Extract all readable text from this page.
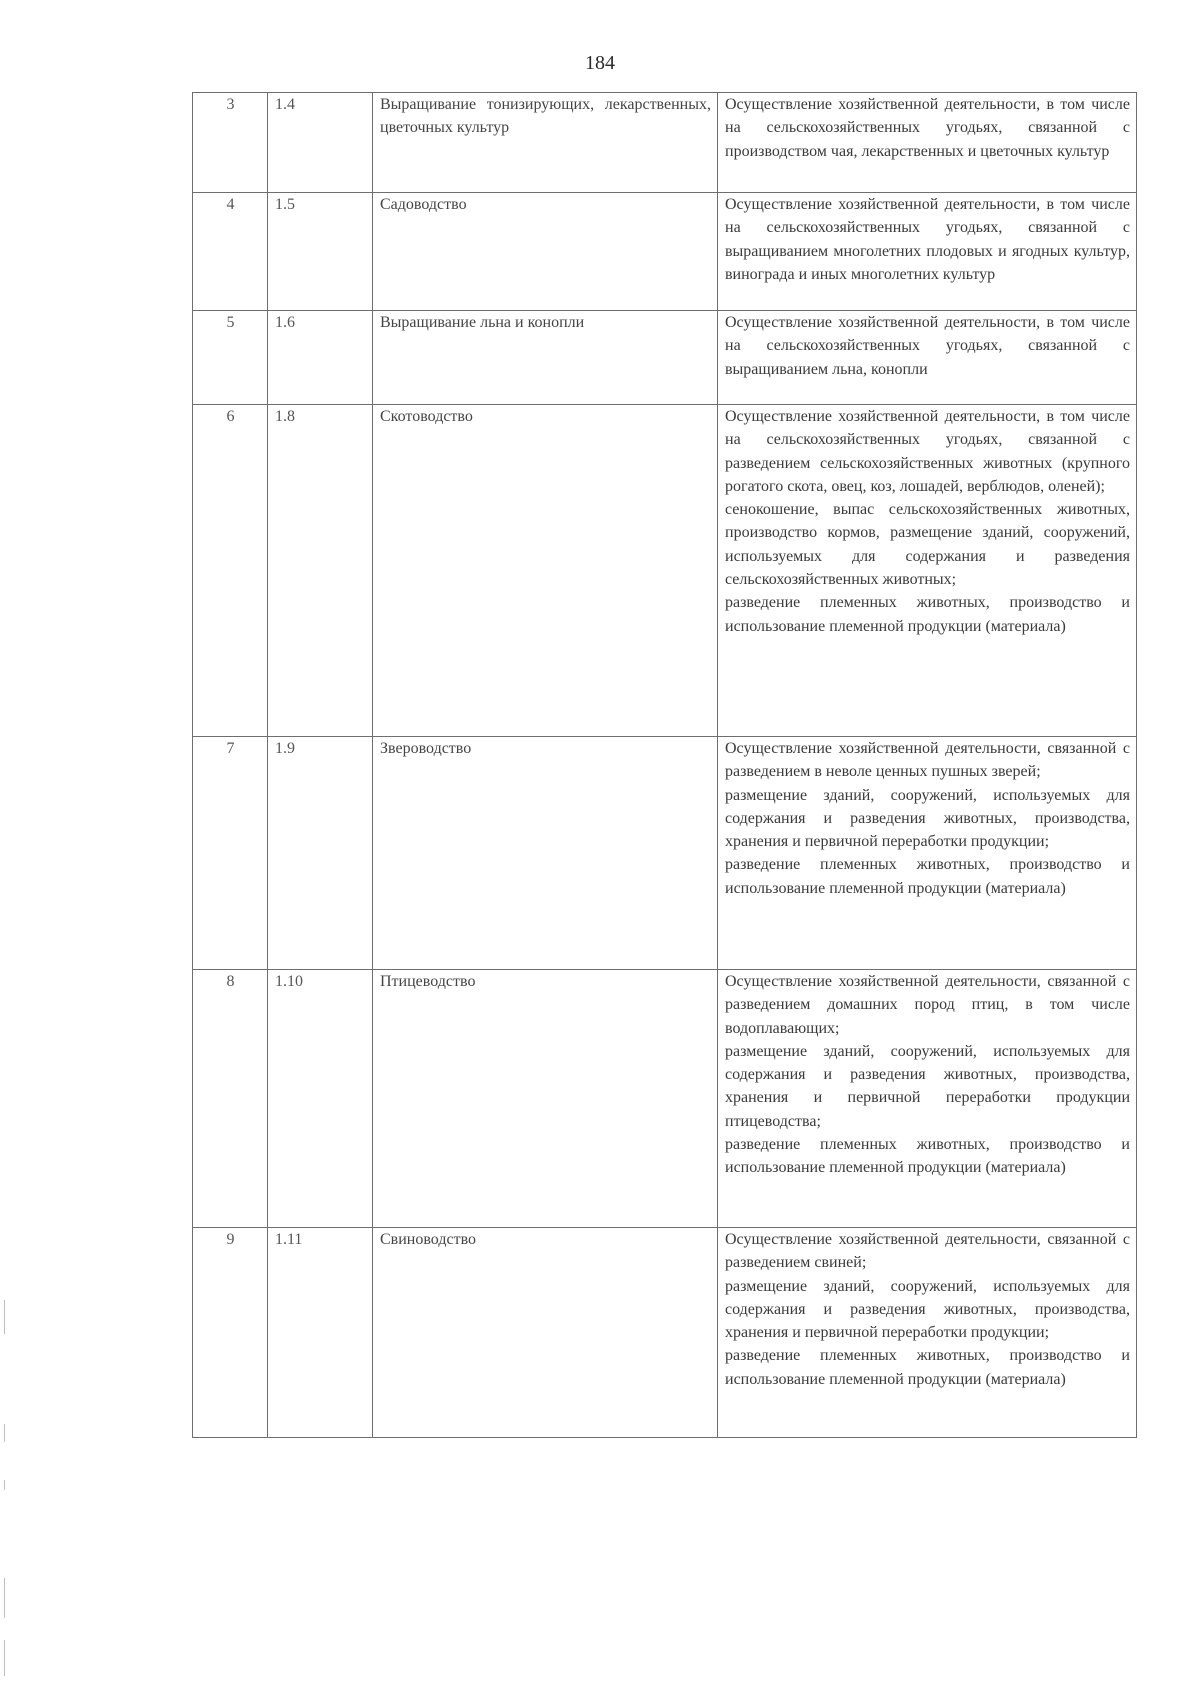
184
3	1.4	Выращивание тонизирующих, лекарственных, цветочных культур	Осуществление хозяйственной деятельности, в том числе на сельскохозяйственных угодьях, связанной с производством чая, лекарственных и цветочных культур

4	1.5	Садоводство	Осуществление хозяйственной деятельности, в том числе на сельскохозяйственных угодьях, связанной с выращиванием многолетних плодовых и ягодных культур, винограда и иных многолетних культур

5	1.6	Выращивание льна и конопли	Осуществление хозяйственной деятельности, в том числе на сельскохозяйственных угодьях, связанной с выращиванием льна, конопли

6	1.8	Скотоводство	Осуществление хозяйственной деятельности, в том числе на сельскохозяйственных угодьях, связанной с разведением сельскохозяйственных животных (крупного рогатого скота, овец, коз, лошадей, верблюдов, оленей);

сенокошение, выпас сельскохозяйственных животных, производство кормов, размещение зданий, сооружений, используемых для содержания и разведения сельскохозяйственных животных;

разведение племенных животных, производство и использование племенной продукции (материала)

7	1.9	Звероводство	Осуществление хозяйственной деятельности, связанной с разведением в неволе ценных пушных зверей;

размещение зданий, сооружений, используемых для содержания и разведения животных, производства, хранения и первичной переработки продукции;

разведение племенных животных, производство и использование племенной продукции (материала)

8	1.10	Птицеводство	Осуществление хозяйственной деятельности, связанной с разведением домашних пород птиц, в том числе водоплавающих;

размещение зданий, сооружений, используемых для содержания и разведения животных, производства, хранения и первичной переработки продукции птицеводства;

разведение племенных животных, производство и использование племенной продукции (материала)

9	1.11	Свиноводство	Осуществление хозяйственной деятельности, связанной с разведением свиней;

размещение зданий, сооружений, используемых для содержания и разведения животных, производства, хранения и первичной переработки продукции;

разведение племенных животных, производство и использование племенной продукции (материала)
